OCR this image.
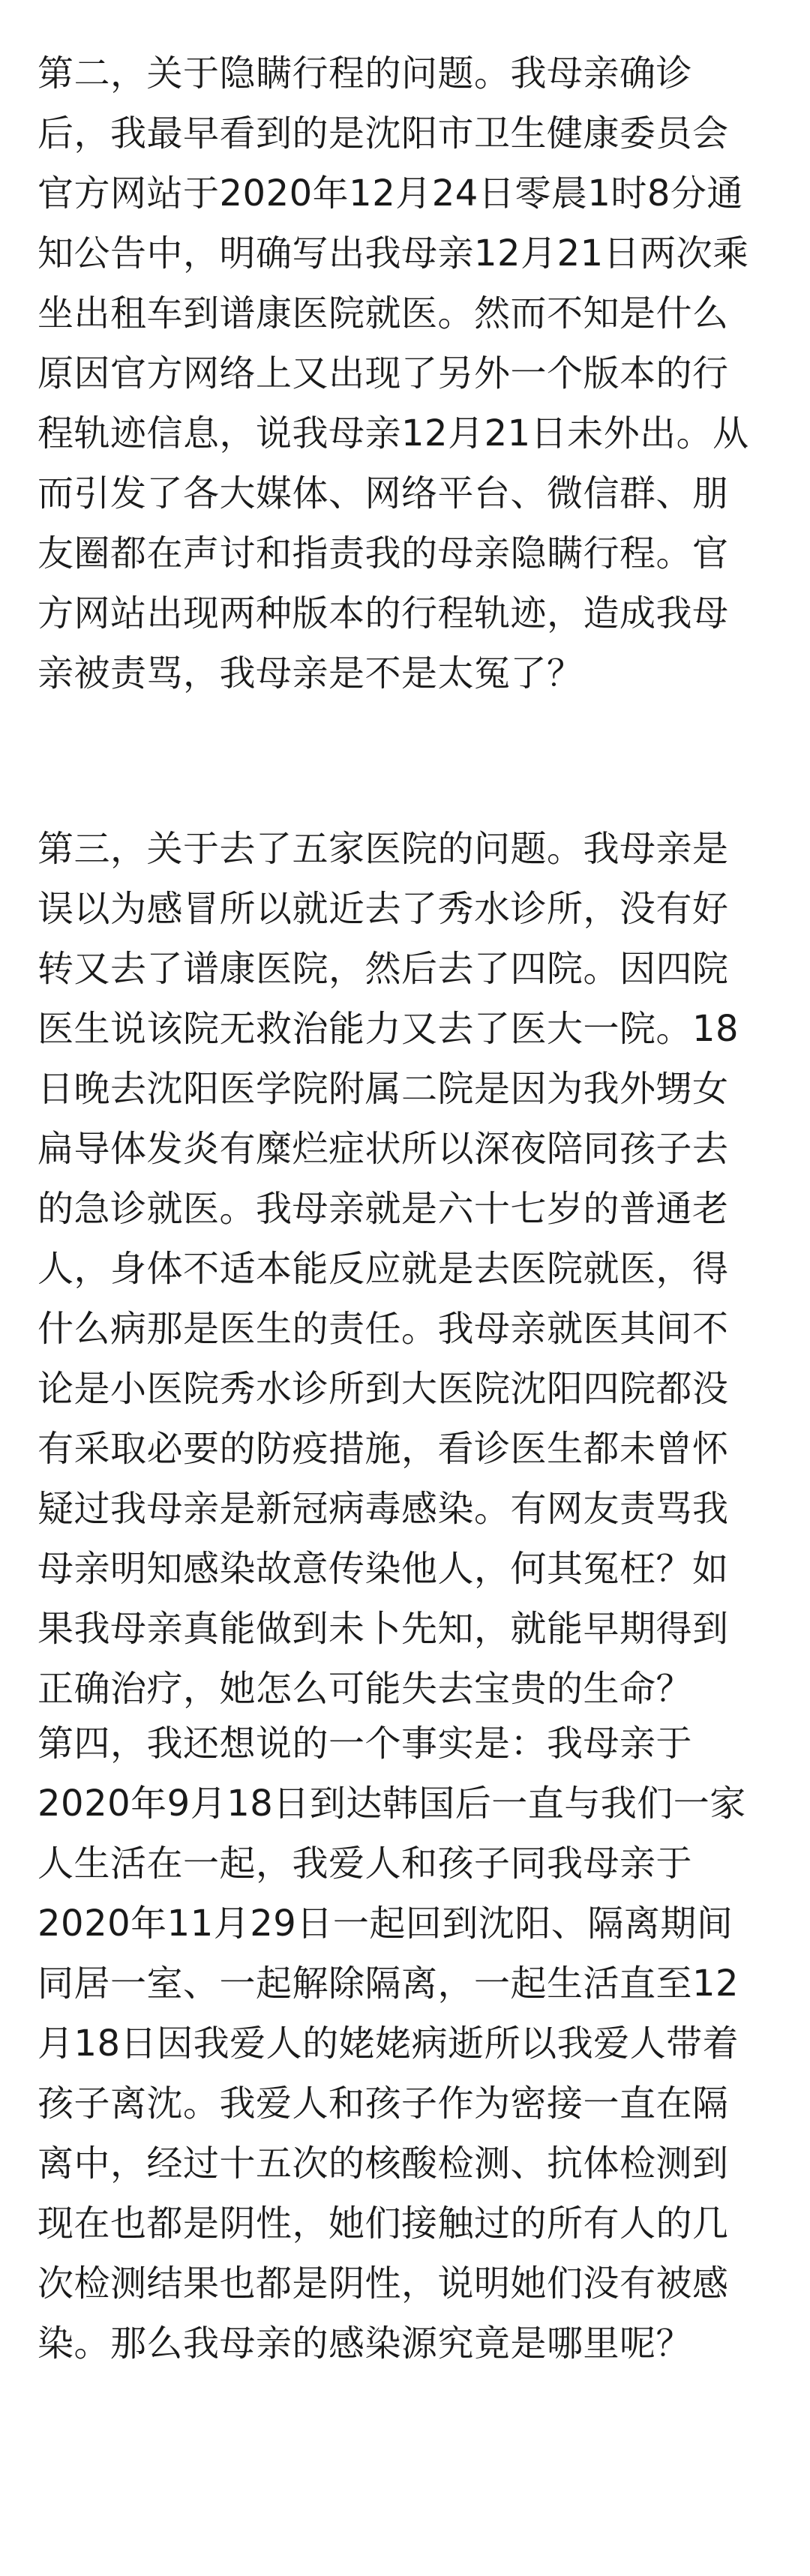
第二，关于隐瞒行程的问题。我母亲确诊
后，我最早看到的是沈阳市卫生健康委员会
官方网站于2020年12月24日零晨1时8分通
知公告中，明确写出我母亲12月21日两次乘
坐出租车到谱康医院就医。然而不知是什么
原因官方网络上又出现了另外一个版本的行
程轨迹信息，说我母亲12月21日未外出。从
而引发了各大媒体、网络平台、微信群、朋
友圈都在声讨和指责我的母亲隐瞒行程。官
方网站出现两种版本的行程轨迹，造成我母
亲被责骂，我母亲是不是太冤了？
第三，关于去了五家医院的问题。我母亲是
误以为感冒所以就近去了秀水诊所，没有好
转又去了谱康医院，然后去了四院。因四院
医生说该院无救治能力又去了医大一院。18
日晚去沈阳医学院附属二院是因为我外甥女
扁导体发炎有糜烂症状所以深夜陪同孩子去
的急诊就医。我母亲就是六十七岁的普通老
人，身体不适本能反应就是去医院就医，得
什么病那是医生的责任。我母亲就医其间不
论是小医院秀水诊所到大医院沈阳四院都没
有采取必要的防疫措施，看诊医生都未曾怀
疑过我母亲是新冠病毒感染。有网友责骂我
母亲明知感染故意传染他人，何其冤枉？如
果我母亲真能做到未卜先知，就能早期得到
正确治疗，她怎么可能失去宝贵的生命？
第四，我还想说的一个事实是：我母亲于
2020年9月18日到达韩国后一直与我们一家
人生活在一起，我爱人和孩子同我母亲于
2020年11月29日一起回到沈阳、隔离期间
同居一室、一起解除隔离，一起生活直至12
月18日因我爱人的姥姥病逝所以我爱人带着
孩子离沈。我爱人和孩子作为密接一直在隔
离中，经过十五次的核酸检测、抗体检测到
现在也都是阴性，她们接触过的所有人的几
次检测结果也都是阴性，说明她们没有被感
染。那么我母亲的感染源究竟是哪里呢？
